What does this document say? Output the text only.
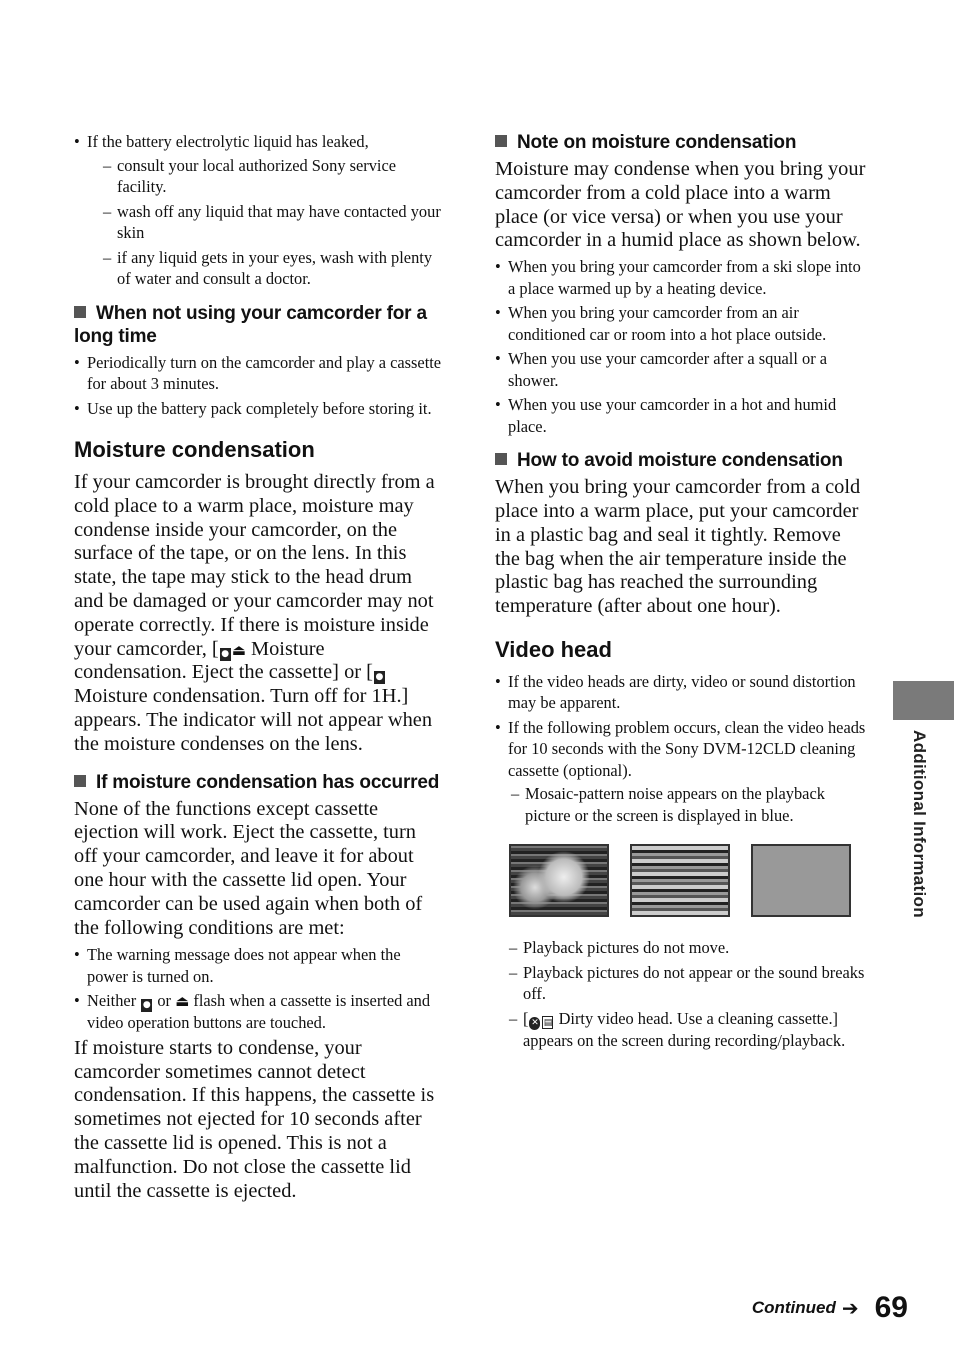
• If the battery electrolytic liquid has leaked,
– consult your local authorized Sony service facility.
– wash off any liquid that may have contacted your skin
– if any liquid gets in your eyes, wash with plenty of water and consult a doctor.
When not using your camcorder for a long time
• Periodically turn on the camcorder and play a cassette for about 3 minutes.
• Use up the battery pack completely before storing it.
Moisture condensation

If your camcorder is brought directly from a cold place to a warm place, moisture may condense inside your camcorder, on the surface of the tape, or on the lens. In this state, the tape may stick to the head drum and be damaged or your camcorder may not operate correctly. If there is moisture inside your camcorder, [ ● ⏏ Moisture condensation. Eject the cassette] or [ ● Moisture condensation. Turn off for 1H.] appears. The indicator will not appear when the moisture condenses on the lens.

If moisture condensation has occurred

None of the functions except cassette ejection will work. Eject the cassette, turn off your camcorder, and leave it for about one hour with the cassette lid open. Your camcorder can be used again when both of the following conditions are met:

• The warning message does not appear when the power is turned on.
• Neither ● or ⏏ flash when a cassette is inserted and video operation buttons are touched.

If moisture starts to condense, your camcorder sometimes cannot detect condensation. If this happens, the cassette is sometimes not ejected for 10 seconds after the cassette lid is opened. This is not a malfunction. Do not close the cassette lid until the cassette is ejected.

Note on moisture condensation

Moisture may condense when you bring your camcorder from a cold place into a warm place (or vice versa) or when you use your camcorder in a humid place as shown below.

• When you bring your camcorder from a ski slope into a place warmed up by a heating device.
• When you bring your camcorder from an air conditioned car or room into a hot place outside.
• When you use your camcorder after a squall or a shower.
• When you use your camcorder in a hot and humid place.
How to avoid moisture condensation

When you bring your camcorder from a cold place into a warm place, put your camcorder in a plastic bag and seal it tightly. Remove the bag when the air temperature inside the plastic bag has reached the surrounding temperature (after about one hour).

Video head
• If the video heads are dirty, video or sound distortion may be apparent.
• If the following problem occurs, clean the video heads for 10 seconds with the Sony DVM-12CLD cleaning cassette (optional).
– Mosaic-pattern noise appears on the playback picture or the screen is displayed in blue.
– Playback pictures do not move.
– Playback pictures do not appear or the sound breaks off.
– [ ✕ ▤ Dirty video head. Use a cleaning cassette.] appears on the screen during recording/playback.
Additional Information
Continued ➔ 69
